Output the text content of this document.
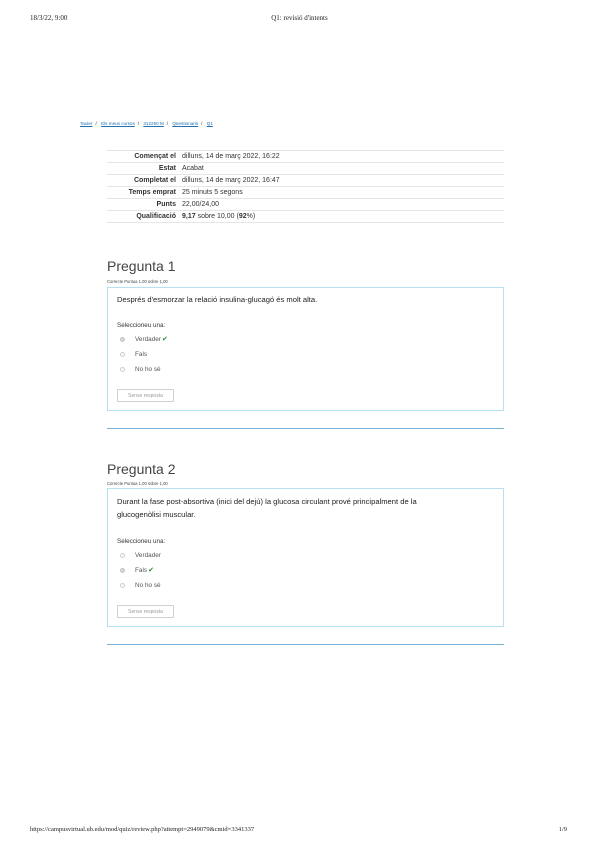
18/3/22, 9:00	Q1: revisió d'intents
Tauler / Els meus cursos / 312250 M / Qüestionaris / Q1
Començat el	dilluns, 14 de març 2022, 16:22
Estat	Acabat
Completat el	dilluns, 14 de març 2022, 16:47
Temps emprat	25 minuts 5 segons
Punts	22,00/24,00
Qualificació	9,17 sobre 10,00 (92%)
Pregunta 1
Correcte Puntua 1,00 sobre 1,00
Després d'esmorzar la relació insulina-glucagó és molt alta.
Seleccioneu una:
Verdader ✔
Fals
No ho sé
Sense resposta
Pregunta 2
Correcte Puntua 1,00 sobre 1,00
Durant la fase post-absortiva (inici del dejú) la glucosa circulant prové principalment de la
glucogenòlisi muscular.
Seleccioneu una:
Verdader
Fals ✔
No ho sé
Sense resposta
https://campusvirtual.ub.edu/mod/quiz/review.php?attempt=2949079&cmid=3341337	1/9
